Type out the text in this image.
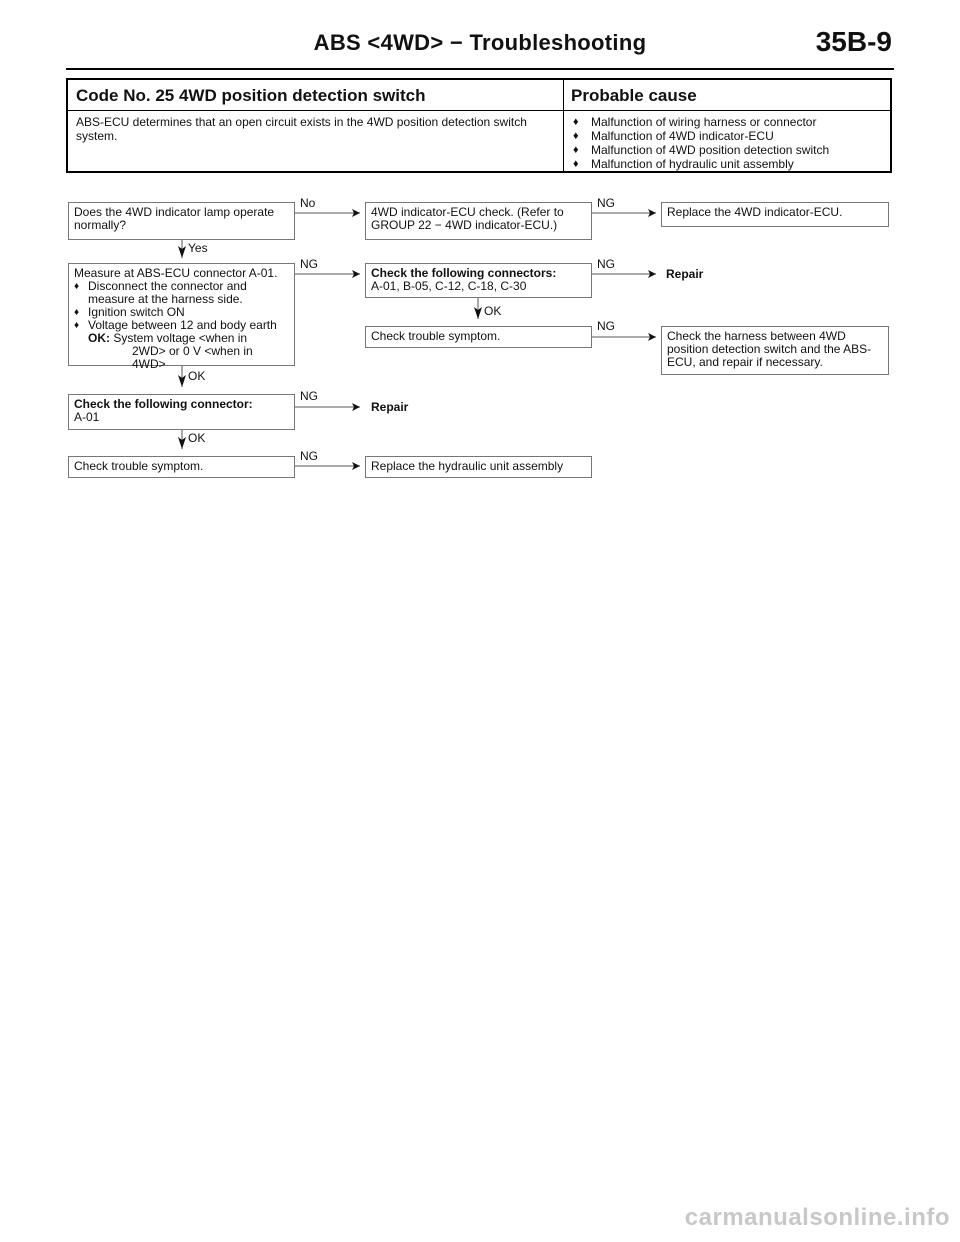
ABS <4WD> − Troubleshooting	35B-9
Code No. 25 4WD position detection switch	Probable cause
ABS-ECU determines that an open circuit exists in the 4WD position detection switch system.
♦ Malfunction of wiring harness or connector
♦ Malfunction of 4WD indicator-ECU
♦ Malfunction of 4WD position detection switch
♦ Malfunction of hydraulic unit assembly
Does the 4WD indicator lamp operate normally?
No
4WD indicator-ECU check. (Refer to GROUP 22 − 4WD indicator-ECU.)
NG
Replace the 4WD indicator-ECU.
Yes
Measure at ABS-ECU connector A-01.
♦ Disconnect the connector and measure at the harness side.
♦ Ignition switch ON
♦ Voltage between 12 and body earth
OK: System voltage <when in
2WD> or 0 V <when in 4WD>
NG
Check the following connectors:
A-01, B-05, C-12, C-18, C-30
NG
Repair
OK
Check trouble symptom.
NG
Check the harness between 4WD position detection switch and the ABS-ECU, and repair if necessary.
OK
Check the following connector:
A-01
NG
Repair
OK
Check trouble symptom.
NG
Replace the hydraulic unit assembly
carmanualsonline.info
